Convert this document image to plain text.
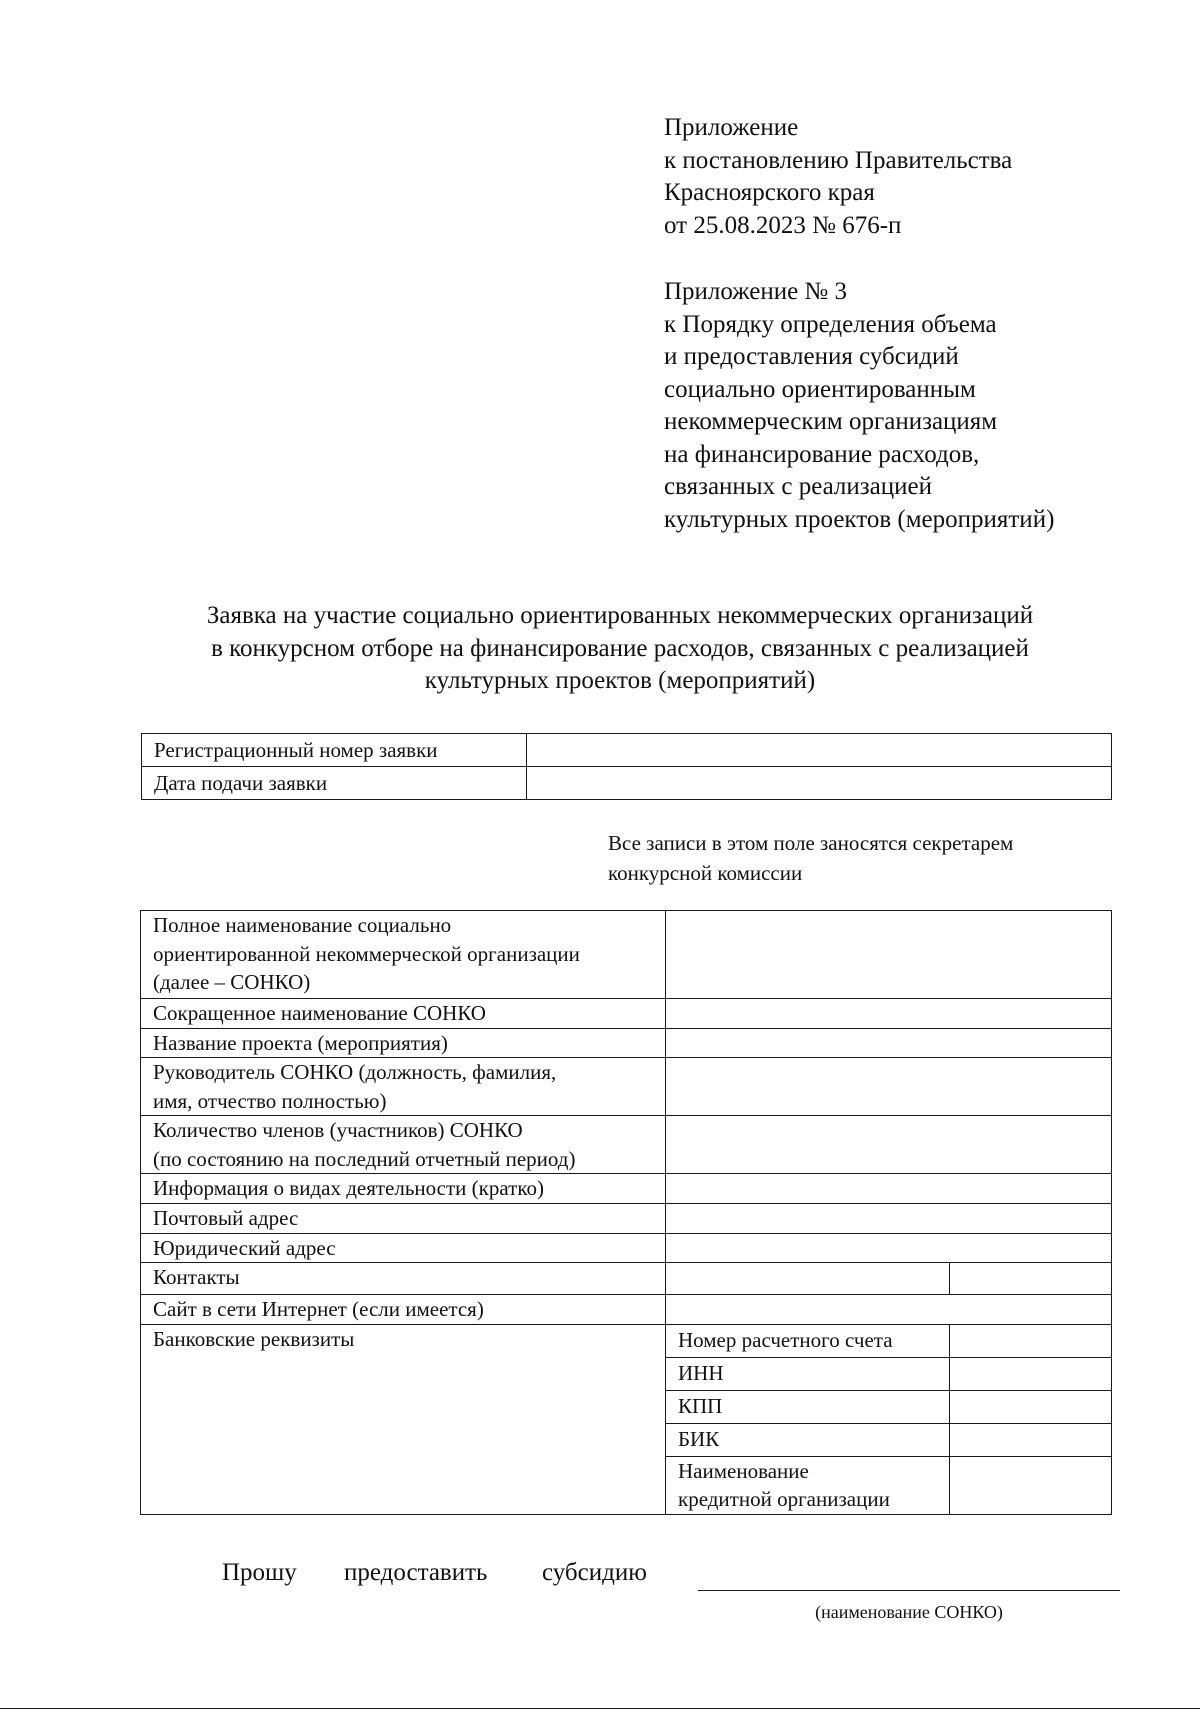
Приложение
к постановлению Правительства
Красноярского края
от 25.08.2023 № 676-п
Приложение № 3
к Порядку определения объема
и предоставления субсидий
социально ориентированным
некоммерческим организациям
на финансирование расходов,
связанных с реализацией
культурных проектов (мероприятий)
Заявка на участие социально ориентированных некоммерческих организаций
в конкурсном отборе на финансирование расходов, связанных с реализацией
культурных проектов (мероприятий)
Регистрационный номер заявки	
Дата подачи заявки	
Все записи в этом поле заносятся секретарем
конкурсной комиссии
Полное наименование социально
ориентированной некоммерческой организации
(далее – СОНКО)		

Сокращенное наименование СОНКО		
Название проекта (мероприятия)		

Руководитель СОНКО (должность, фамилия,
имя, отчество полностью)		

Количество членов (участников) СОНКО
(по состоянию на последний отчетный период)		

Информация о видах деятельности (кратко)		
Почтовый адрес		
Юридический адрес		
Контакты		
Сайт в сети Интернет (если имеется)		
Банковские реквизиты	Номер расчетного счета	
	ИНН	
	КПП	
	БИК	

	Наименование
кредитной организации	

Прошу предоставить субсидию
(наименование СОНКО)
